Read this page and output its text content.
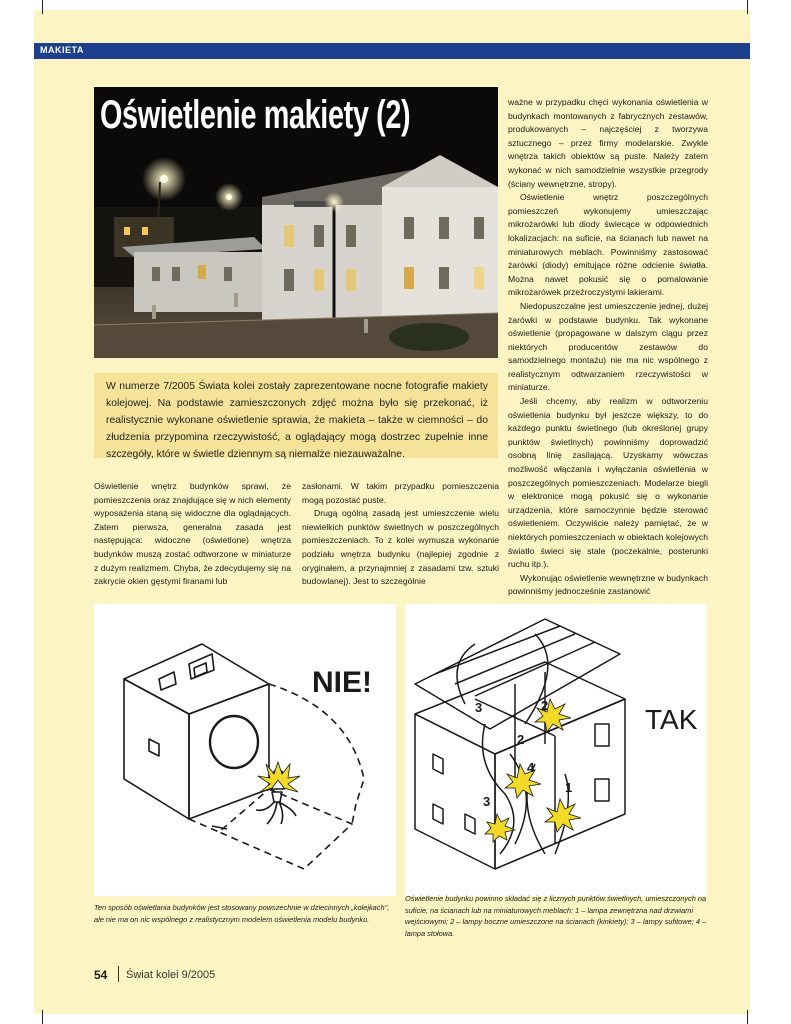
MAKIETA
Oświetlenie makiety (2)

W numerze 7/2005 Świata kolei zostały zaprezentowane nocne fotografie makiety kolejowej. Na podstawie zamieszczonych zdjęć można było się przekonać, iż realistycznie wykonane oświetlenie sprawia, że makieta – także w ciemności – do złudzenia przypomina rzeczywistość, a oglądający mogą dostrzec zupełnie inne szczegóły, które w świetle dziennym są niemalże niezauważalne.

Oświetlenie wnętrz budynków sprawi, że pomieszczenia oraz znajdujące się w nich elementy wyposażenia staną się widoczne dla oglądających. Zatem pierwsza, generalna zasada jest następująca: widoczne (oświetlone) wnętrza budynków muszą zostać odtworzone w miniaturze z dużym realizmem. Chyba, że zdecydujemy się na zakrycie okien gęstymi firanami lub

zasłonami. W takim przypadku pomieszczenia mogą pozostać puste.

Drugą ogólną zasadą jest umieszczenie wielu niewielkich punktów świetlnych w poszczególnych pomieszczeniach. To z kolei wymusza wykonanie podziału wnętrza budynku (najlepiej zgodnie z oryginałem, a przynajmniej z zasadami tzw. sztuki budowlanej). Jest to szczególnie

ważne w przypadku chęci wykonania oświetlenia w budynkach montowanych z fabrycznych zestawów, produkowanych – najczęściej z tworzywa sztucznego – przez firmy modelarskie. Zwykle wnętrza takich obiektów są puste. Należy zatem wykonać w nich samodzielnie wszystkie przegrody (ściany wewnętrzne, stropy).

Oświetlenie wnętrz poszczególnych pomieszczeń wykonujemy umieszczając mikrożarówki lub diody świecące w odpowiednich lokalizacjach: na suficie, na ścianach lub nawet na miniaturowych meblach. Powinniśmy zastosować żarówki (diody) emitujące różne odcienie światła. Można nawet pokusić się o pomalowanie mikrożarówek przeźroczystymi lakierami.

Niedopuszczalne jest umieszczenie jednej, dużej żarówki w podstawie budynku. Tak wykonane oświetlenie (propagowane w dalszym ciągu przez niektórych producentów zestawów do samodzielnego montażu) nie ma nic wspólnego z realistycznym odtwarzaniem rzeczywistości w miniaturze.

Jeśli chcemy, aby realizm w odtworzeniu oświetlenia budynku był jeszcze większy, to do każdego punktu świetlnego (lub określonej grupy punktów świetlnych) powinniśmy doprowadzić osobną linię zasilającą. Uzyskamy wówczas możliwość włączania i wyłączania oświetlenia w poszczególnych pomieszczeniach. Modelarze biegli w elektronice mogą pokusić się o wykonanie urządzenia, które samoczynnie będzie sterować oświetleniem. Oczywiście należy pamiętać, że w niektórych pomieszczeniach w obiektach kolejowych światło świeci się stale (poczekalnie, posterunki ruchu itp.).

Wykonując oświetlenie wewnętrzne w budynkach powinniśmy jednocześnie zastanowić

NIE!
3	2
2
4
3
1
TAK
Ten sposób oświetlania budynków jest stosowany powszechnie w dziecinnych „kolejkach", ale nie ma on nic wspólnego z realistycznym modelem oświetlenia modelu budynku.
Oświetlenie budynku powinno składać się z licznych punktów świetlnych, umieszczonych na suficie, na ścianach lub na miniaturowych meblach: 1 – lampa zewnętrzna nad drzwiami wejściowymi; 2 – lampy boczne umieszczone na ścianach (kinkiety); 3 – lampy sufitowe; 4 – lampa stołowa.
54 Świat kolei 9/2005
